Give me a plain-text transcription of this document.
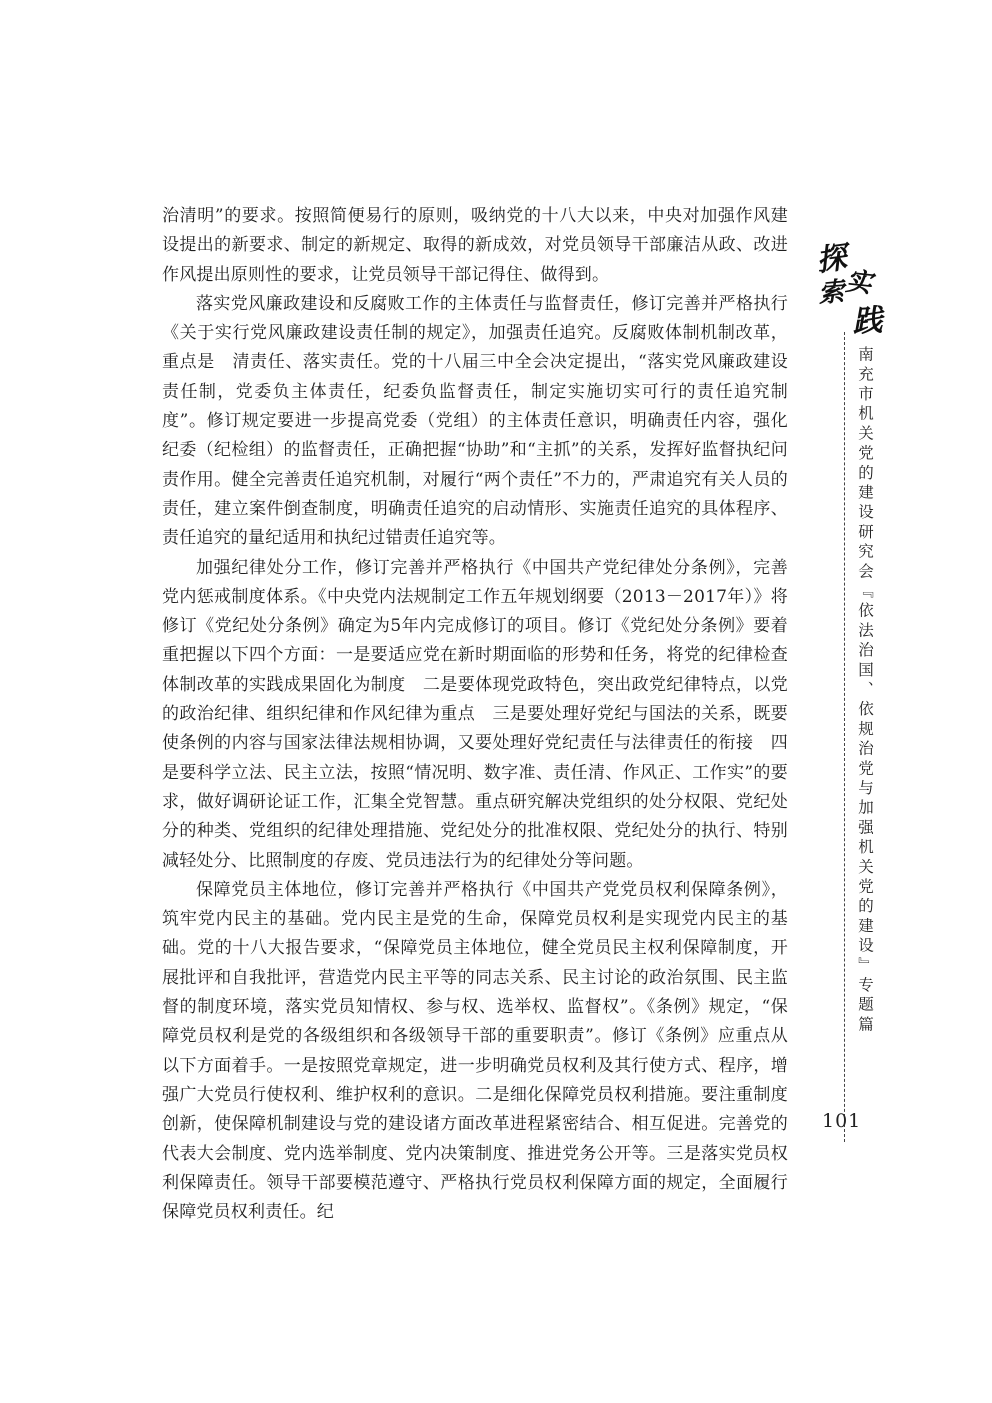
治清明”的要求。按照简便易行的原则，吸纳党的十八大以来，中央对加强作风建设提出的新要求、制定的新规定、取得的新成效，对党员领导干部廉洁从政、改进作风提出原则性的要求，让党员领导干部记得住、做得到。

落实党风廉政建设和反腐败工作的主体责任与监督责任，修订完善并严格执行《关于实行党风廉政建设责任制的规定》，加强责任追究。反腐败体制机制改革，重点是　清责任、落实责任。党的十八届三中全会决定提出，“落实党风廉政建设责任制，党委负主体责任，纪委负监督责任，制定实施切实可行的责任追究制度”。修订规定要进一步提高党委（党组）的主体责任意识，明确责任内容，强化纪委（纪检组）的监督责任，正确把握“协助”和“主抓”的关系，发挥好监督执纪问责作用。健全完善责任追究机制，对履行“两个责任”不力的，严肃追究有关人员的责任，建立案件倒查制度，明确责任追究的启动情形、实施责任追究的具体程序、责任追究的量纪适用和执纪过错责任追究等。

加强纪律处分工作，修订完善并严格执行《中国共产党纪律处分条例》，完善党内惩戒制度体系。《中央党内法规制定工作五年规划纲要（2013－2017年）》将修订《党纪处分条例》确定为5年内完成修订的项目。修订《党纪处分条例》要着重把握以下四个方面：一是要适应党在新时期面临的形势和任务，将党的纪律检查体制改革的实践成果固化为制度　二是要体现党政特色，突出政党纪律特点，以党的政治纪律、组织纪律和作风纪律为重点　三是要处理好党纪与国法的关系，既要使条例的内容与国家法律法规相协调，又要处理好党纪责任与法律责任的衔接　四是要科学立法、民主立法，按照“情况明、数字准、责任清、作风正、工作实”的要求，做好调研论证工作，汇集全党智慧。重点研究解决党组织的处分权限、党纪处分的种类、党组织的纪律处理措施、党纪处分的批准权限、党纪处分的执行、特别减轻处分、比照制度的存废、党员违法行为的纪律处分等问题。

保障党员主体地位，修订完善并严格执行《中国共产党党员权利保障条例》，筑牢党内民主的基础。党内民主是党的生命，保障党员权利是实现党内民主的基础。党的十八大报告要求，“保障党员主体地位，健全党员民主权利保障制度，开展批评和自我批评，营造党内民主平等的同志关系、民主讨论的政治氛围、民主监督的制度环境，落实党员知情权、参与权、选举权、监督权”。《条例》规定，“保障党员权利是党的各级组织和各级领导干部的重要职责”。修订《条例》应重点从以下方面着手。一是按照党章规定，进一步明确党员权利及其行使方式、程序，增强广大党员行使权利、维护权利的意识。二是细化保障党员权利措施。要注重制度创新，使保障机制建设与党的建设诸方面改革进程紧密结合、相互促进。完善党的代表大会制度、党内选举制度、党内决策制度、推进党务公开等。三是落实党员权利保障责任。领导干部要模范遵守、严格执行党员权利保障方面的规定，全面履行保障党员权利责任。纪

探
索
实
践
南充市机关党的建设研究会『依法治国、依规治党与加强机关党的建设』专题篇
101
